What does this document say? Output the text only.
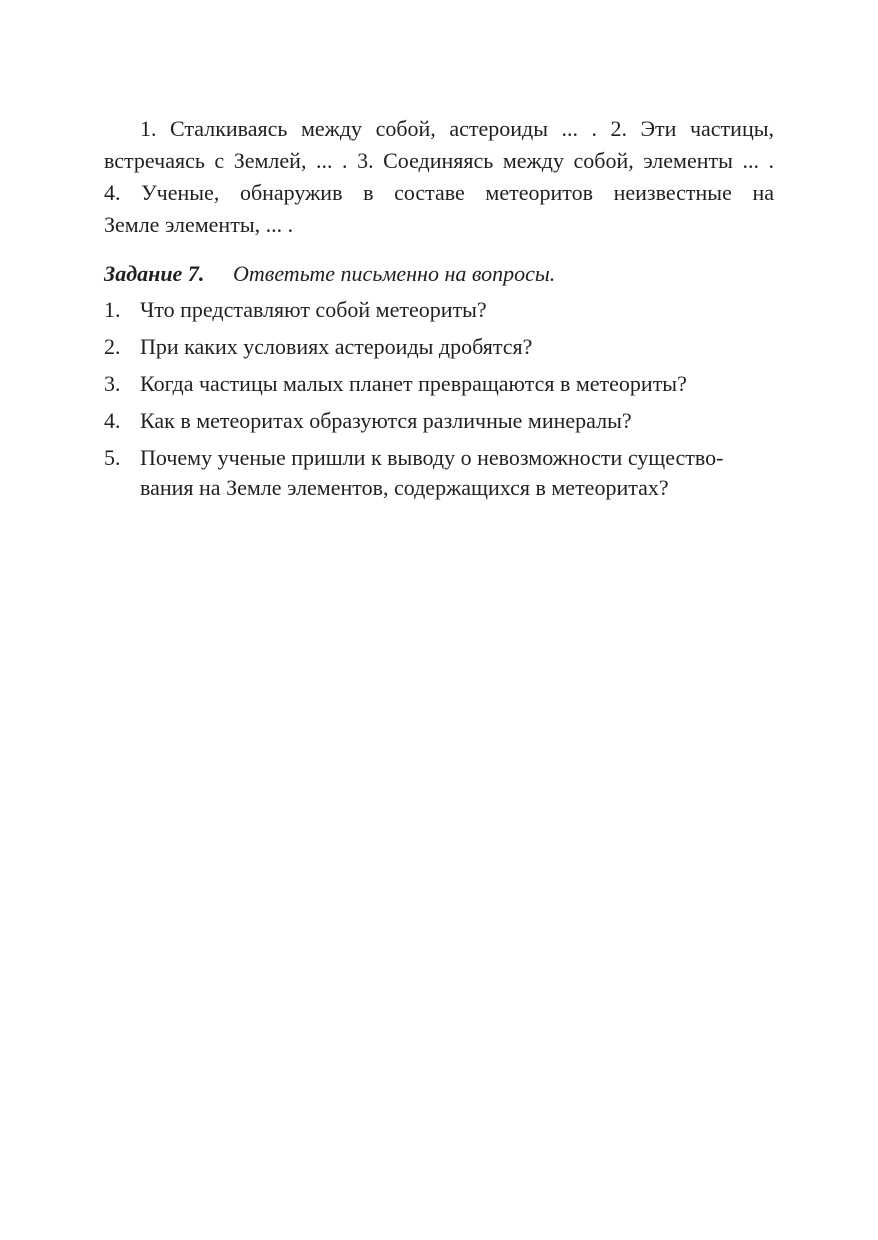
1. Сталкиваясь между собой, астероиды ... . 2. Эти частицы,
встречаясь с Землей, ... . 3. Соединяясь между собой, элементы ... .
4. Ученые, обнаружив в составе метеоритов неизвестные на
Земле элементы, ... .

Задание 7. Ответьте письменно на вопросы.
1. Что представляют собой метеориты?
2. При каких условиях астероиды дробятся?
3. Когда частицы малых планет превращаются в метеориты?
4. Как в метеоритах образуются различные минералы?
5. Почему ученые пришли к выводу о невозможности существо-
вания на Земле элементов, содержащихся в метеоритах?
